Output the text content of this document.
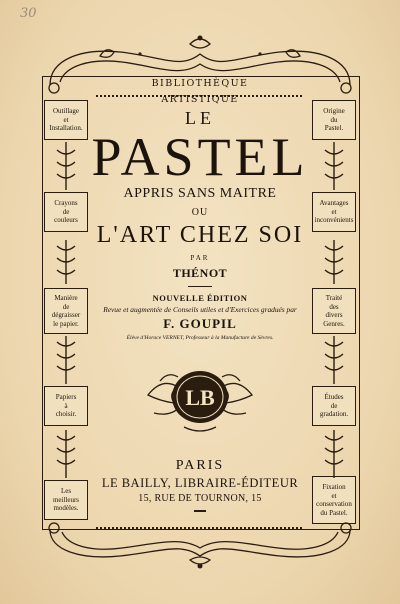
30
BIBLIOTHÈQUE ARTISTIQUE
Outillage
et
Installation.
Crayons
de
couleurs
Manière
de
dégraisser
le papier.
Papiers
à
choisir.
Les
meilleurs
modèles.
Origine
du
Pastel.
Avantages
et
inconvénients
Traité
des
divers
Genres.
Études
de
gradation.
Fixation
et
conservation
du Pastel.
LE
PASTEL
APPRIS SANS MAITRE
OU
L'ART CHEZ SOI
PAR
THÉNOT
NOUVELLE ÉDITION
Revue et augmentée de Conseils utiles et d'Exercices gradués par
F. GOUPIL
Élève d'Horace VERNET, Professeur à la Manufacture de Sèvres.
LB
PARIS
LE BAILLY, LIBRAIRE-ÉDITEUR
15, RUE DE TOURNON, 15
